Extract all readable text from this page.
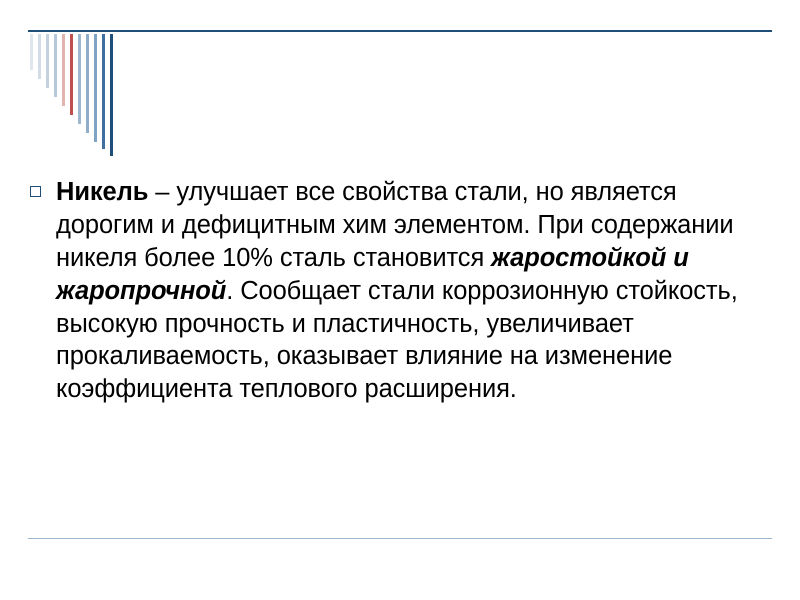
Никель – улучшает все свойства стали, но является дорогим и дефицитным хим элементом. При содержании никеля более 10% сталь становится жаростойкой и жаропрочной. Сообщает стали коррозионную стойкость, высокую прочность и пластичность, увеличивает прокаливаемость, оказывает влияние на изменение коэффициента теплового расширения.
